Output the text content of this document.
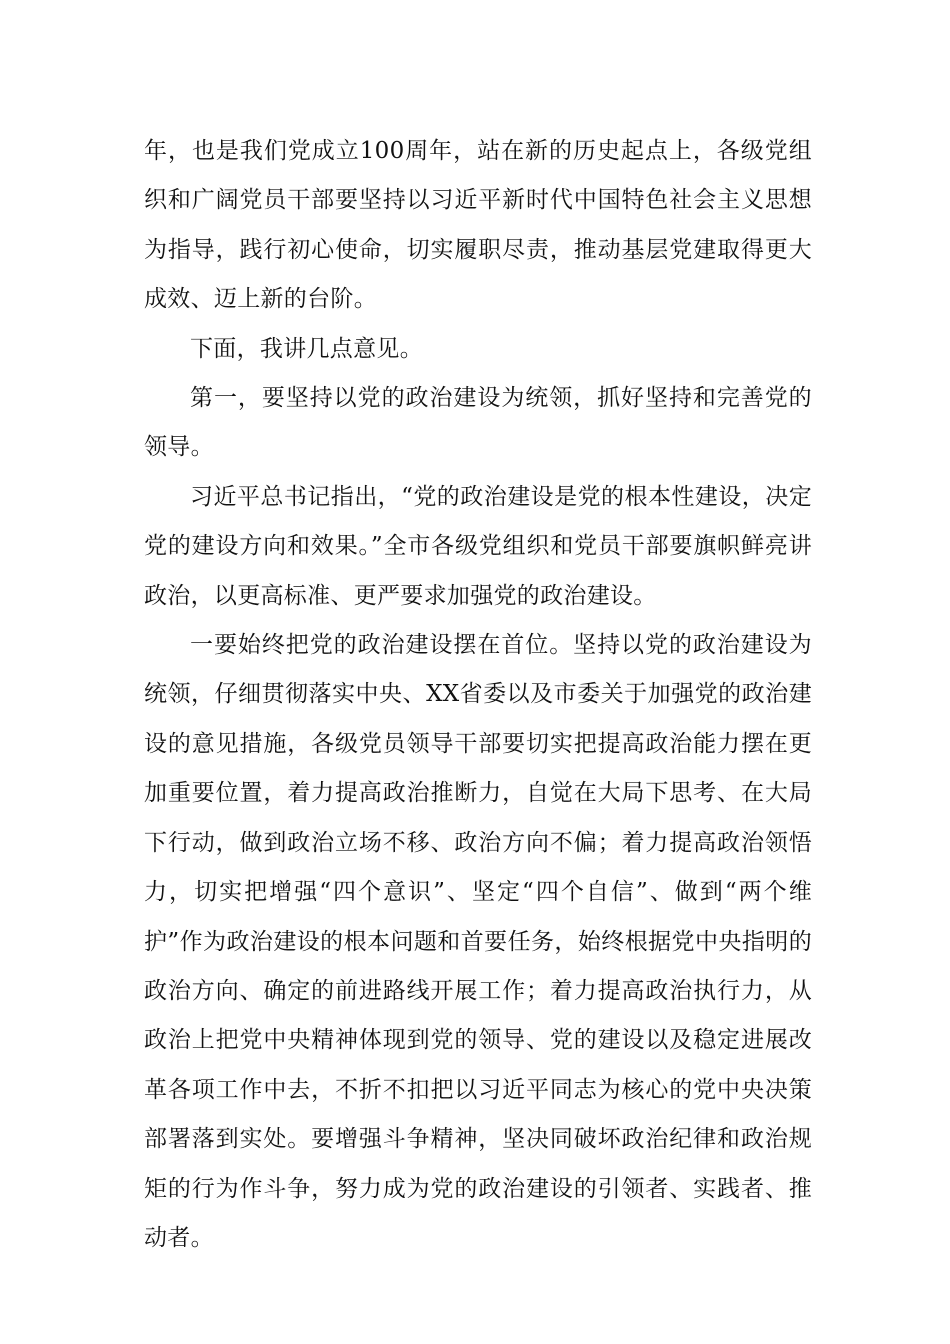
年，也是我们党成立100周年，站在新的历史起点上，各级党组织和广阔党员干部要坚持以习近平新时代中国特色社会主义思想为指导，践行初心使命，切实履职尽责，推动基层党建取得更大成效、迈上新的台阶。

下面，我讲几点意见。

第一，要坚持以党的政治建设为统领，抓好坚持和完善党的领导。

习近平总书记指出，“党的政治建设是党的根本性建设，决定党的建设方向和效果。”全市各级党组织和党员干部要旗帜鲜亮讲政治，以更高标准、更严要求加强党的政治建设。

一要始终把党的政治建设摆在首位。坚持以党的政治建设为统领，仔细贯彻落实中央、XX省委以及市委关于加强党的政治建设的意见措施，各级党员领导干部要切实把提高政治能力摆在更加重要位置，着力提高政治推断力，自觉在大局下思考、在大局下行动，做到政治立场不移、政治方向不偏；着力提高政治领悟力，切实把增强“四个意识”、坚定“四个自信”、做到“两个维护”作为政治建设的根本问题和首要任务，始终根据党中央指明的政治方向、确定的前进路线开展工作；着力提高政治执行力，从政治上把党中央精神体现到党的领导、党的建设以及稳定进展改革各项工作中去，不折不扣把以习近平同志为核心的党中央决策部署落到实处。要增强斗争精神，坚决同破坏政治纪律和政治规矩的行为作斗争，努力成为党的政治建设的引领者、实践者、推动者。
